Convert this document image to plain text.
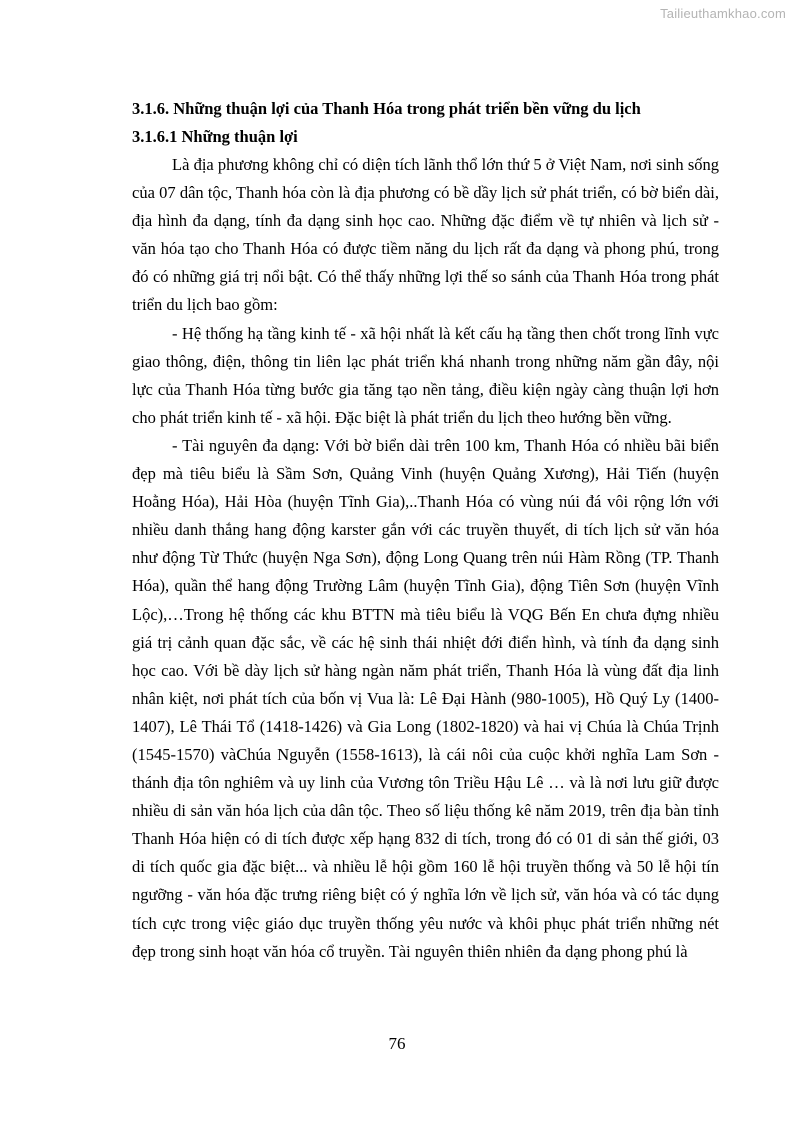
Tailieuthamkhao.com

3.1.6. Những thuận lợi của Thanh Hóa trong phát triển bền vững du lịch

3.1.6.1 Những thuận lợi

Là địa phương không chỉ có diện tích lãnh thổ lớn thứ 5 ở Việt Nam, nơi sinh sống của 07 dân tộc, Thanh hóa còn là địa phương có bề dầy lịch sử phát triển, có bờ biển dài, địa hình đa dạng, tính đa dạng sinh học cao. Những đặc điểm về tự nhiên và lịch sử - văn hóa tạo cho Thanh Hóa có được tiềm năng du lịch rất đa dạng và phong phú, trong đó có những giá trị nổi bật. Có thể thấy những lợi thế so sánh của Thanh Hóa trong phát triển du lịch bao gồm:

- Hệ thống hạ tầng kinh tế - xã hội nhất là kết cấu hạ tầng then chốt trong lĩnh vực giao thông, điện, thông tin liên lạc phát triển khá nhanh trong những năm gần đây, nội lực của Thanh Hóa từng bước gia tăng tạo nền tảng, điều kiện ngày càng thuận lợi hơn cho phát triển kinh tế - xã hội. Đặc biệt là phát triển du lịch theo hướng bền vững.

- Tài nguyên đa dạng: Với bờ biển dài trên 100 km, Thanh Hóa có nhiều bãi biển đẹp mà tiêu biểu là Sầm Sơn, Quảng Vinh (huyện Quảng Xương), Hải Tiến (huyện Hoằng Hóa), Hải Hòa (huyện Tĩnh Gia),..Thanh Hóa có vùng núi đá vôi rộng lớn với nhiều danh thắng hang động karster gắn với các truyền thuyết, di tích lịch sử văn hóa như động Từ Thức (huyện Nga Sơn), động Long Quang trên núi Hàm Rồng (TP. Thanh Hóa), quần thể hang động Trường Lâm (huyện Tĩnh Gia), động Tiên Sơn (huyện Vĩnh Lộc),…Trong hệ thống các khu BTTN mà tiêu biểu là VQG Bến En chưa đựng nhiều giá trị cảnh quan đặc sắc, về các hệ sinh thái nhiệt đới điển hình, và tính đa dạng sinh học cao. Với bề dày lịch sử hàng ngàn năm phát triển, Thanh Hóa là vùng đất địa linh nhân kiệt, nơi phát tích của bốn vị Vua là: Lê Đại Hành (980-1005), Hồ Quý Ly (1400-1407), Lê Thái Tổ (1418-1426) và Gia Long (1802-1820) và hai vị Chúa là Chúa Trịnh (1545-1570) vàChúa Nguyễn (1558-1613), là cái nôi của cuộc khởi nghĩa Lam Sơn - thánh địa tôn nghiêm và uy linh của Vương tôn Triều Hậu Lê … và là nơi lưu giữ được nhiều di sản văn hóa lịch của dân tộc. Theo số liệu thống kê năm 2019, trên địa bàn tỉnh Thanh Hóa hiện có di tích được xếp hạng 832 di tích, trong đó có 01 di sản thế giới, 03 di tích quốc gia đặc biệt... và nhiều lễ hội gồm 160 lễ hội truyền thống và 50 lễ hội tín ngưỡng - văn hóa đặc trưng riêng biệt có ý nghĩa lớn về lịch sử, văn hóa và có tác dụng tích cực trong việc giáo dục truyền thống yêu nước và khôi phục phát triển những nét đẹp trong sinh hoạt văn hóa cổ truyền. Tài nguyên thiên nhiên đa dạng phong phú là

76
